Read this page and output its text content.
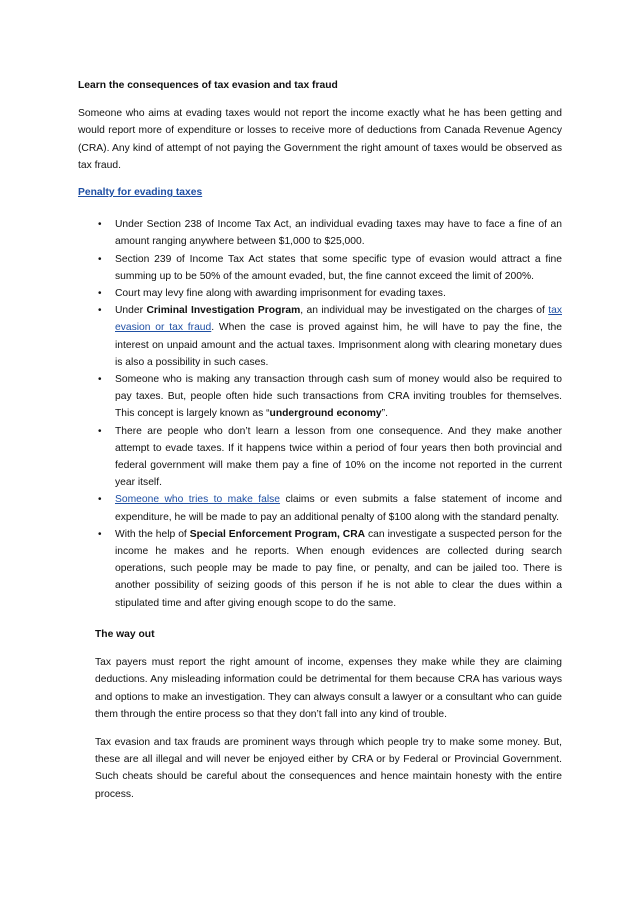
Learn the consequences of tax evasion and tax fraud

Someone who aims at evading taxes would not report the income exactly what he has been getting and would report more of expenditure or losses to receive more of deductions from Canada Revenue Agency (CRA). Any kind of attempt of not paying the Government the right amount of taxes would be observed as tax fraud.

Penalty for evading taxes
• Under Section 238 of Income Tax Act, an individual evading taxes may have to face a fine of an amount ranging anywhere between $1,000 to $25,000.
• Section 239 of Income Tax Act states that some specific type of evasion would attract a fine summing up to be 50% of the amount evaded, but, the fine cannot exceed the limit of 200%.
• Court may levy fine along with awarding imprisonment for evading taxes.
• Under Criminal Investigation Program, an individual may be investigated on the charges of tax evasion or tax fraud. When the case is proved against him, he will have to pay the fine, the interest on unpaid amount and the actual taxes. Imprisonment along with clearing monetary dues is also a possibility in such cases.
• Someone who is making any transaction through cash sum of money would also be required to pay taxes. But, people often hide such transactions from CRA inviting troubles for themselves. This concept is largely known as “underground economy”.
• There are people who don’t learn a lesson from one consequence. And they make another attempt to evade taxes. If it happens twice within a period of four years then both provincial and federal government will make them pay a fine of 10% on the income not reported in the current year itself.
• Someone who tries to make false claims or even submits a false statement of income and expenditure, he will be made to pay an additional penalty of $100 along with the standard penalty.
• With the help of Special Enforcement Program, CRA can investigate a suspected person for the income he makes and he reports. When enough evidences are collected during search operations, such people may be made to pay fine, or penalty, and can be jailed too. There is another possibility of seizing goods of this person if he is not able to clear the dues within a stipulated time and after giving enough scope to do the same.
The way out

Tax payers must report the right amount of income, expenses they make while they are claiming deductions. Any misleading information could be detrimental for them because CRA has various ways and options to make an investigation. They can always consult a lawyer or a consultant who can guide them through the entire process so that they don’t fall into any kind of trouble.

Tax evasion and tax frauds are prominent ways through which people try to make some money. But, these are all illegal and will never be enjoyed either by CRA or by Federal or Provincial Government. Such cheats should be careful about the consequences and hence maintain honesty with the entire process.
